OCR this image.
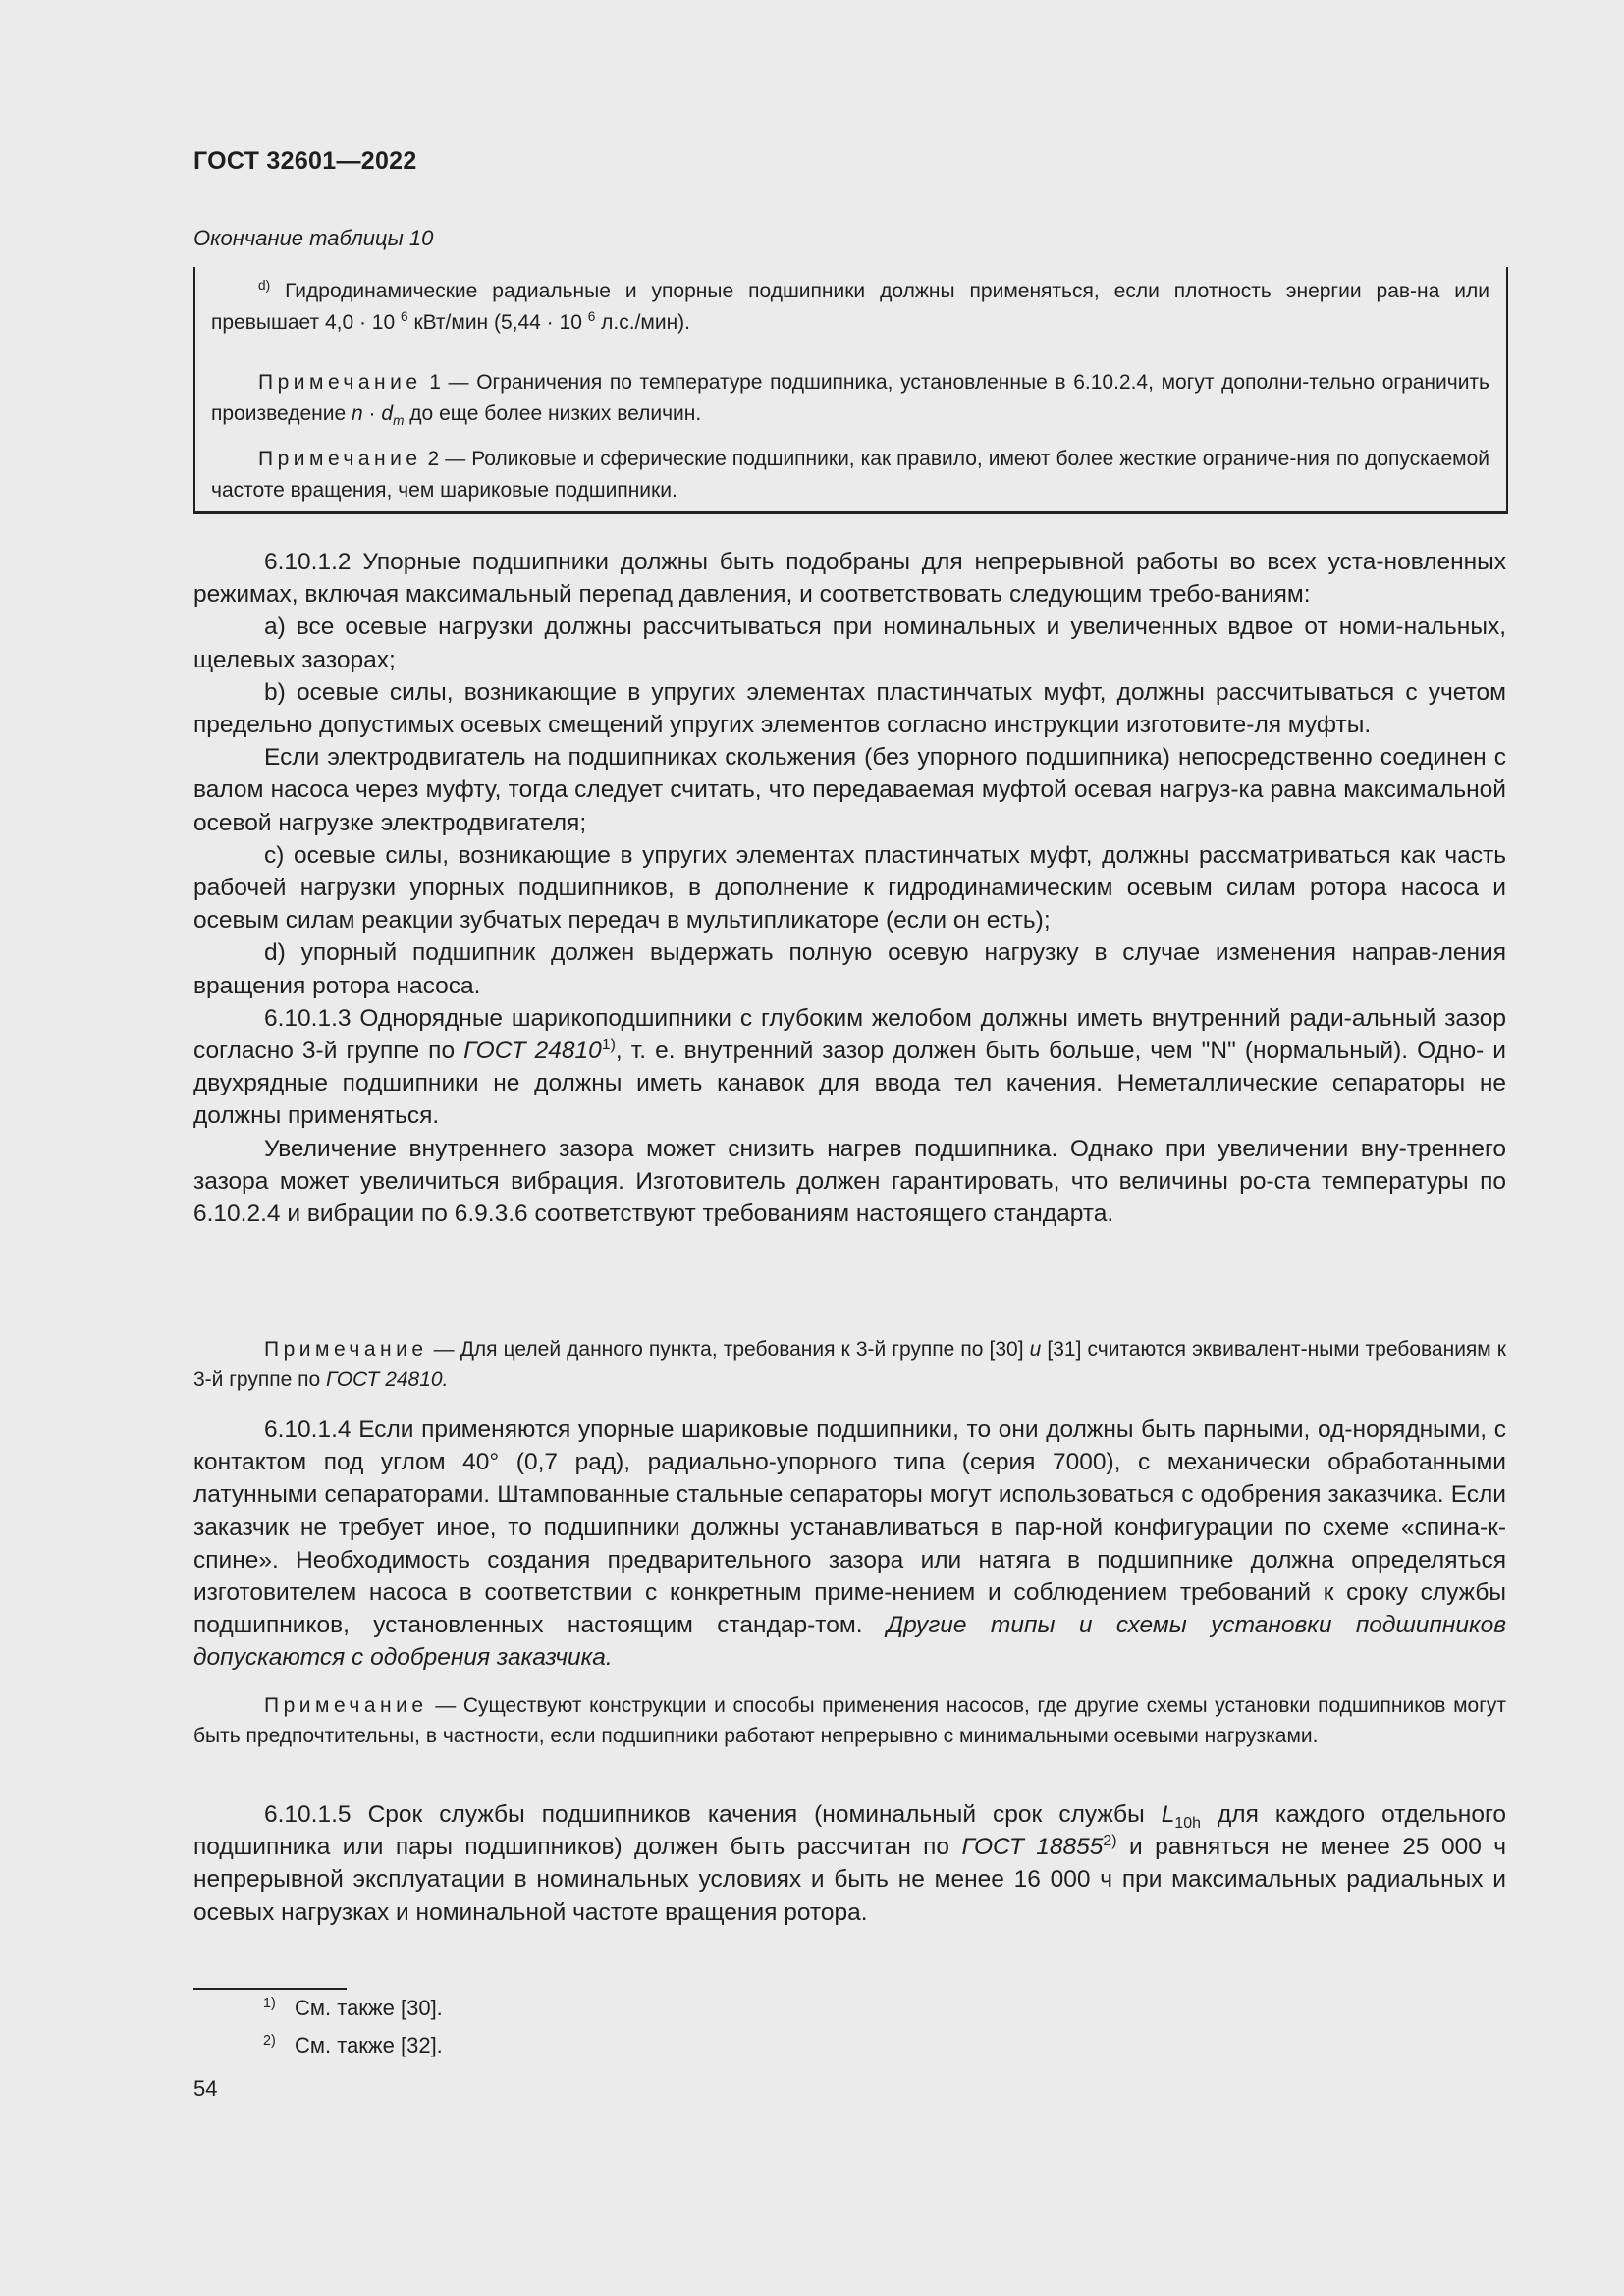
ГОСТ 32601—2022
Окончание таблицы 10

$^{d)}$ Гидродинамические радиальные и упорные подшипники должны применяться, если плотность энергии рав-на или превышает 4,0 · 10 $^6$ кВт/мин (5,44 · 10 $^6$ л.с./мин).

Примечание 1 — Ограничения по температуре подшипника, установленные в 6.10.2.4, могут дополни-тельно ограничить произведение $n \cdot d_m$ до еще более низких величин.

Примечание 2 — Роликовые и сферические подшипники, как правило, имеют более жесткие ограниче-ния по допускаемой частоте вращения, чем шариковые подшипники.

6.10.1.2 Упорные подшипники должны быть подобраны для непрерывной работы во всех уста-новленных режимах, включая максимальный перепад давления, и соответствовать следующим требо-ваниям:

a) все осевые нагрузки должны рассчитываться при номинальных и увеличенных вдвое от номи-нальных, щелевых зазорах;

b) осевые силы, возникающие в упругих элементах пластинчатых муфт, должны рассчитываться с учетом предельно допустимых осевых смещений упругих элементов согласно инструкции изготовите-ля муфты.

Если электродвигатель на подшипниках скольжения (без упорного подшипника) непосредственно соединен с валом насоса через муфту, тогда следует считать, что передаваемая муфтой осевая нагруз-ка равна максимальной осевой нагрузке электродвигателя;

c) осевые силы, возникающие в упругих элементах пластинчатых муфт, должны рассматриваться как часть рабочей нагрузки упорных подшипников, в дополнение к гидродинамическим осевым силам ротора насоса и осевым силам реакции зубчатых передач в мультипликаторе (если он есть);

d) упорный подшипник должен выдержать полную осевую нагрузку в случае изменения направ-ления вращения ротора насоса.

6.10.1.3 Однорядные шарикоподшипники с глубоким желобом должны иметь внутренний ради-альный зазор согласно 3-й группе по ГОСТ 24810$^{1)}$, т. е. внутренний зазор должен быть больше, чем "N" (нормальный). Одно- и двухрядные подшипники не должны иметь канавок для ввода тел качения. Неметаллические сепараторы не должны применяться.

Увеличение внутреннего зазора может снизить нагрев подшипника. Однако при увеличении вну-треннего зазора может увеличиться вибрация. Изготовитель должен гарантировать, что величины ро-ста температуры по 6.10.2.4 и вибрации по 6.9.3.6 соответствуют требованиям настоящего стандарта.

Примечание — Для целей данного пункта, требования к 3-й группе по [30] и [31] считаются эквивалент-ными требованиям к 3-й группе по ГОСТ 24810.

6.10.1.4 Если применяются упорные шариковые подшипники, то они должны быть парными, од-норядными, с контактом под углом 40° (0,7 рад), радиально-упорного типа (серия 7000), с механически обработанными латунными сепараторами. Штампованные стальные сепараторы могут использоваться с одобрения заказчика. Если заказчик не требует иное, то подшипники должны устанавливаться в пар-ной конфигурации по схеме «спина-к-спине». Необходимость создания предварительного зазора или натяга в подшипнике должна определяться изготовителем насоса в соответствии с конкретным приме-нением и соблюдением требований к сроку службы подшипников, установленных настоящим стандар-том. Другие типы и схемы установки подшипников допускаются с одобрения заказчика.

Примечание — Существуют конструкции и способы применения насосов, где другие схемы установки подшипников могут быть предпочтительны, в частности, если подшипники работают непрерывно с минимальными осевыми нагрузками.

6.10.1.5 Срок службы подшипников качения (номинальный срок службы $L_{10h}$ для каждого отдельного подшипника или пары подшипников) должен быть рассчитан по ГОСТ 18855$^{2)}$ и равняться не менее 25 000 ч непрерывной эксплуатации в номинальных условиях и быть не менее 16 000 ч при максимальных радиальных и осевых нагрузках и номинальной частоте вращения ротора.

$^{1)}$ См. также [30].
$^{2)}$ См. также [32].
54
